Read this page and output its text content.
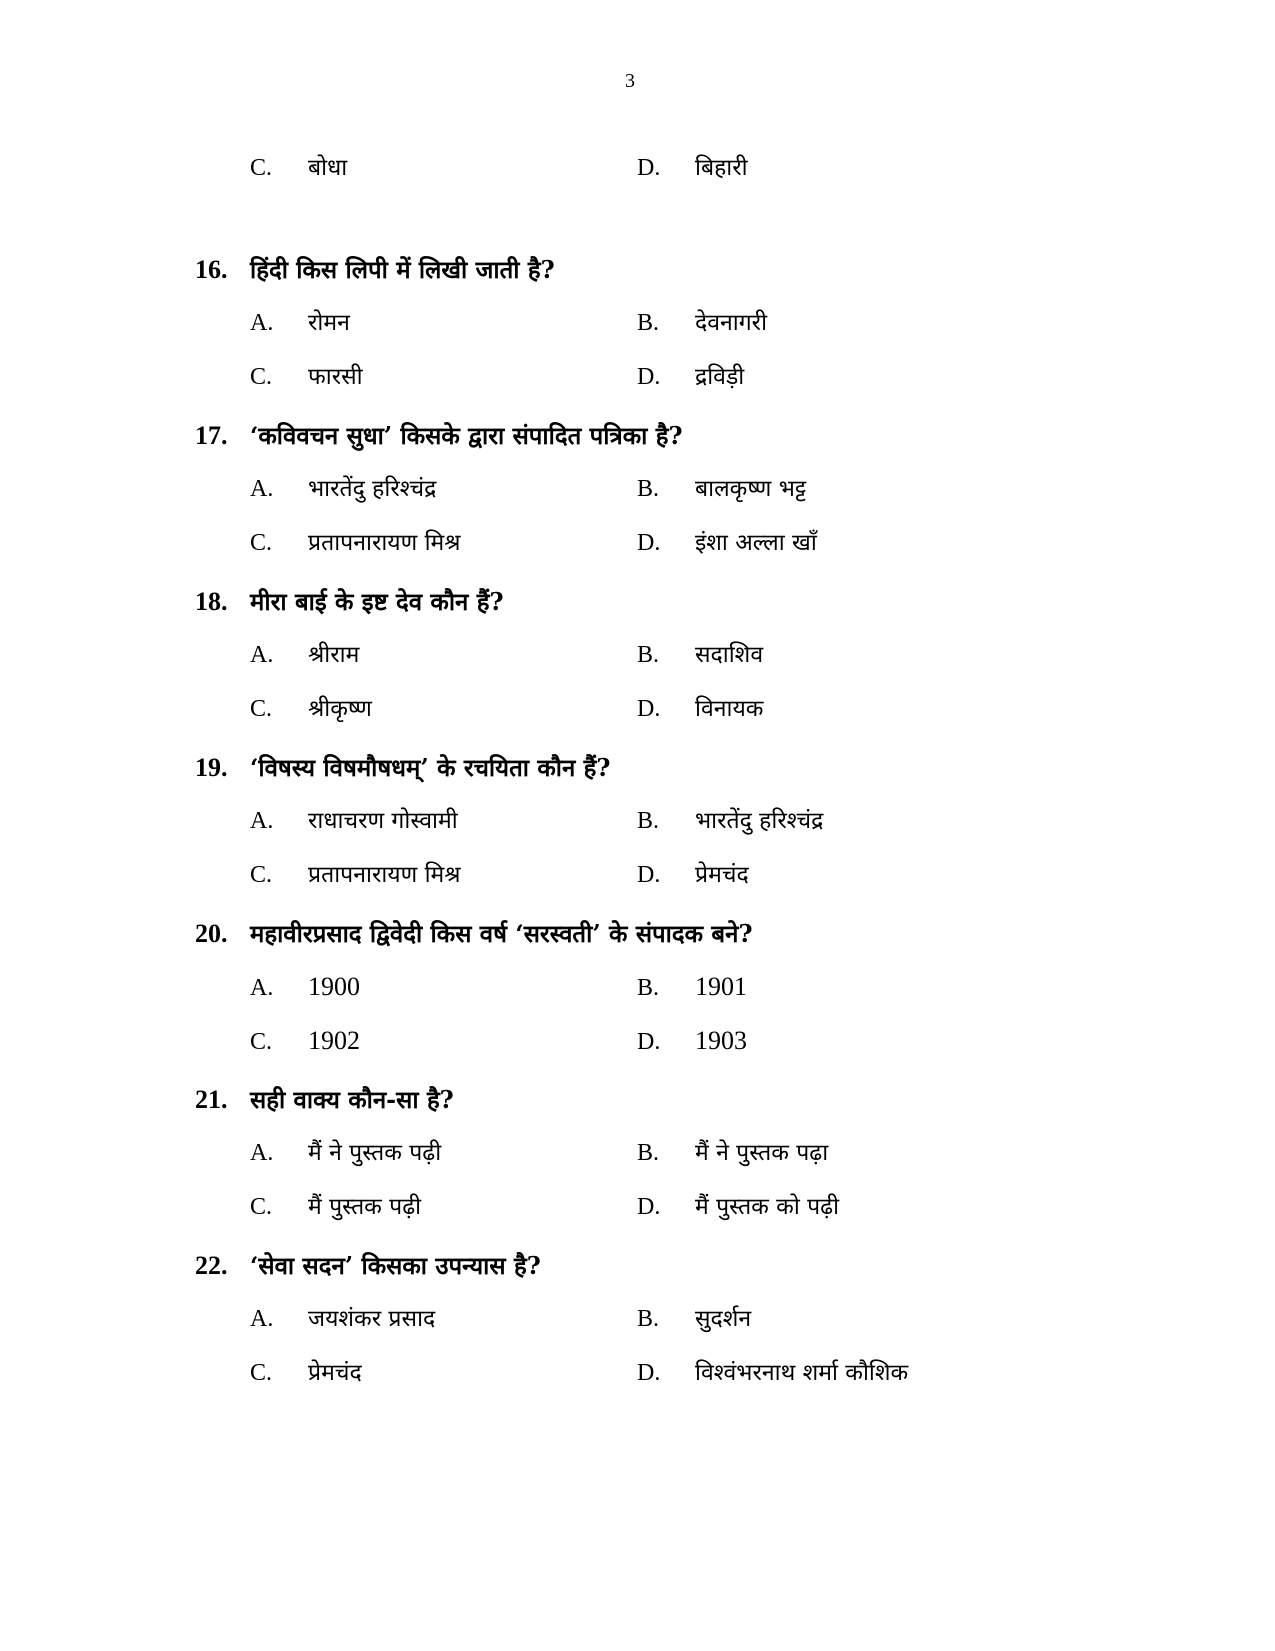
3
C. बोधा	D. बिहारी
16. हिंदी किस लिपी में लिखी जाती है?
A. रोमन	B. देवनागरी
C. फारसी	D. द्रविड़ी
17. ‘कविवचन सुधा’ किसके द्वारा संपादित पत्रिका है?
A. भारतेंदु हरिश्चंद्र	B. बालकृष्ण भट्ट
C. प्रतापनारायण मिश्र	D. इंशा अल्ला खाँ
18. मीरा बाई के इष्ट देव कौन हैं?
A. श्रीराम	B. सदाशिव
C. श्रीकृष्ण	D. विनायक
19. ‘विषस्य विषमौषधम्’ के रचयिता कौन हैं?
A. राधाचरण गोस्वामी	B. भारतेंदु हरिश्चंद्र
C. प्रतापनारायण मिश्र	D. प्रेमचंद
20. महावीरप्रसाद द्विवेदी किस वर्ष ‘सरस्वती’ के संपादक बने?
A. 1900	B. 1901
C. 1902	D. 1903
21. सही वाक्य कौन-सा है?
A. मैं ने पुस्तक पढ़ी	B. मैं ने पुस्तक पढ़ा
C. मैं पुस्तक पढ़ी	D. मैं पुस्तक को पढ़ी
22. ‘सेवा सदन’ किसका उपन्यास है?
A. जयशंकर प्रसाद	B. सुदर्शन
C. प्रेमचंद	D. विश्वंभरनाथ शर्मा कौशिक
